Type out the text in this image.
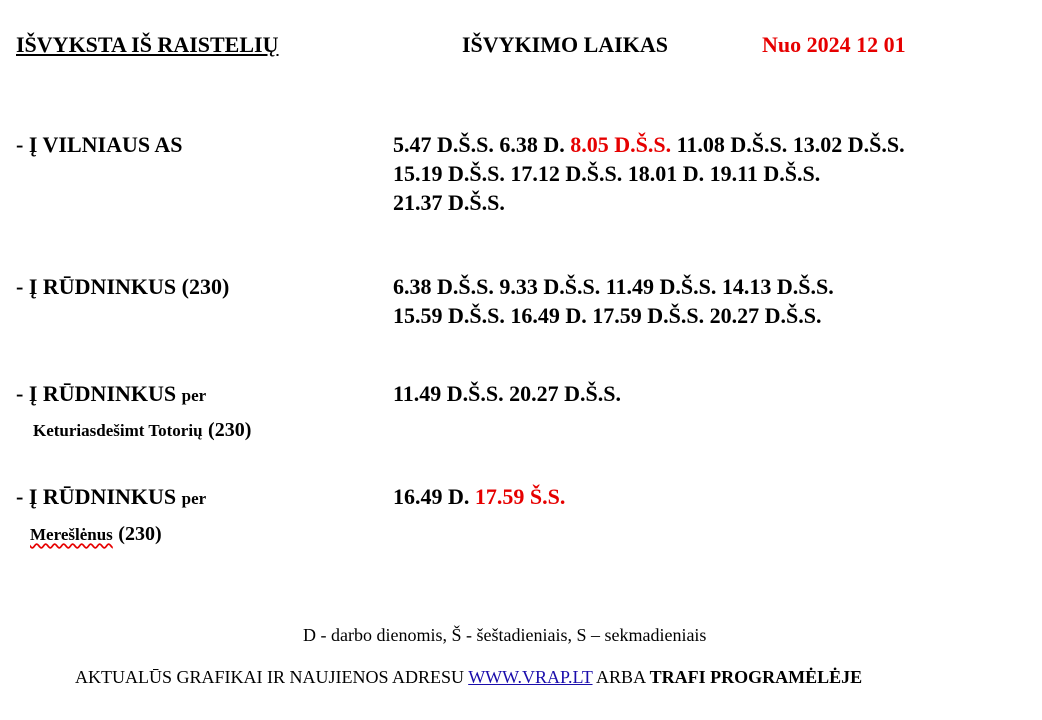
IŠVYKSTA IŠ RAISTELIŲ	IŠVYKIMO LAIKAS	Nuo 2024 12 01
- Į VILNIAUS AS	5.47 D.Š.S. 6.38 D. 8.05 D.Š.S. 11.08 D.Š.S. 13.02 D.Š.S.
15.19 D.Š.S. 17.12 D.Š.S. 18.01 D. 19.11 D.Š.S.
21.37 D.Š.S.
- Į RŪDNINKUS (230)	6.38 D.Š.S. 9.33 D.Š.S. 11.49 D.Š.S. 14.13 D.Š.S.
15.59 D.Š.S. 16.49 D. 17.59 D.Š.S. 20.27 D.Š.S.
- Į RŪDNINKUS per
Keturiasdešimt Totorių (230)
11.49 D.Š.S. 20.27 D.Š.S.
- Į RŪDNINKUS per
Merešlėnus (230)
16.49 D. 17.59 Š.S.
D - darbo dienomis, Š - šeštadieniais, S – sekmadieniais
AKTUALŪS GRAFIKAI IR NAUJIENOS ADRESU WWW.VRAP.LT ARBA TRAFI PROGRAMĖLĖJE
